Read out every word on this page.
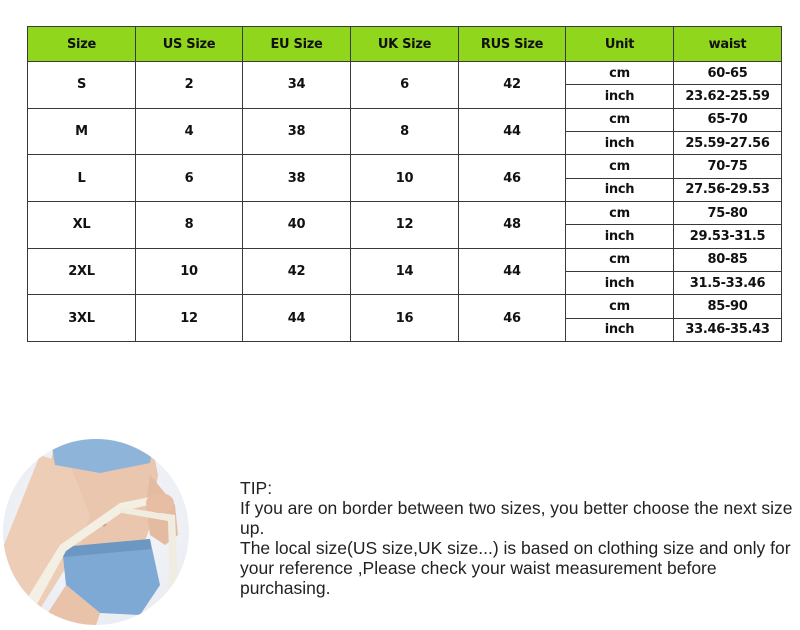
Size	US Size	EU Size	UK Size	RUS Size	Unit	waist
S	2	34	6	42	cm	60-65
					inch	23.62-25.59
M	4	38	8	44	cm	65-70
					inch	25.59-27.56
L	6	38	10	46	cm	70-75
					inch	27.56-29.53
XL	8	40	12	48	cm	75-80
					inch	29.53-31.5
2XL	10	42	14	44	cm	80-85
					inch	31.5-33.46
3XL	12	44	16	46	cm	85-90
					inch	33.46-35.43

TIP:

If you are on border between two sizes, you better choose the next size up.

The local size(US size,UK size...) is based on clothing size and only for your reference ,Please check your waist measurement before purchasing.
